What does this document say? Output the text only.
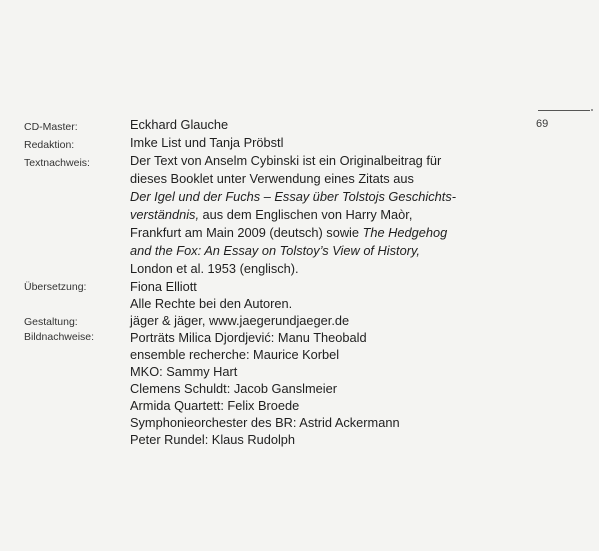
69
CD-Master:
Redaktion:
Textnachweis:
Übersetzung:
Gestaltung:
Bildnachweise:
Eckhard Glauche
Imke List und Tanja Pröbstl
Der Text von Anselm Cybinski ist ein Originalbeitrag für
dieses Booklet unter Verwendung eines Zitats aus
Der Igel und der Fuchs – Essay über Tolstojs Geschichts-
verständnis, aus dem Englischen von Harry Maòr,
Frankfurt am Main 2009 (deutsch) sowie The Hedgehog
and the Fox: An Essay on Tolstoy’s View of History,
London et al. 1953 (englisch).
Fiona Elliott
Alle Rechte bei den Autoren.
jäger & jäger, www.jaegerundjaeger.de
Porträts Milica Djordjević: Manu Theobald
ensemble recherche: Maurice Korbel
MKO: Sammy Hart
Clemens Schuldt: Jacob Ganslmeier
Armida Quartett: Felix Broede
Symphonieorchester des BR: Astrid Ackermann
Peter Rundel: Klaus Rudolph
